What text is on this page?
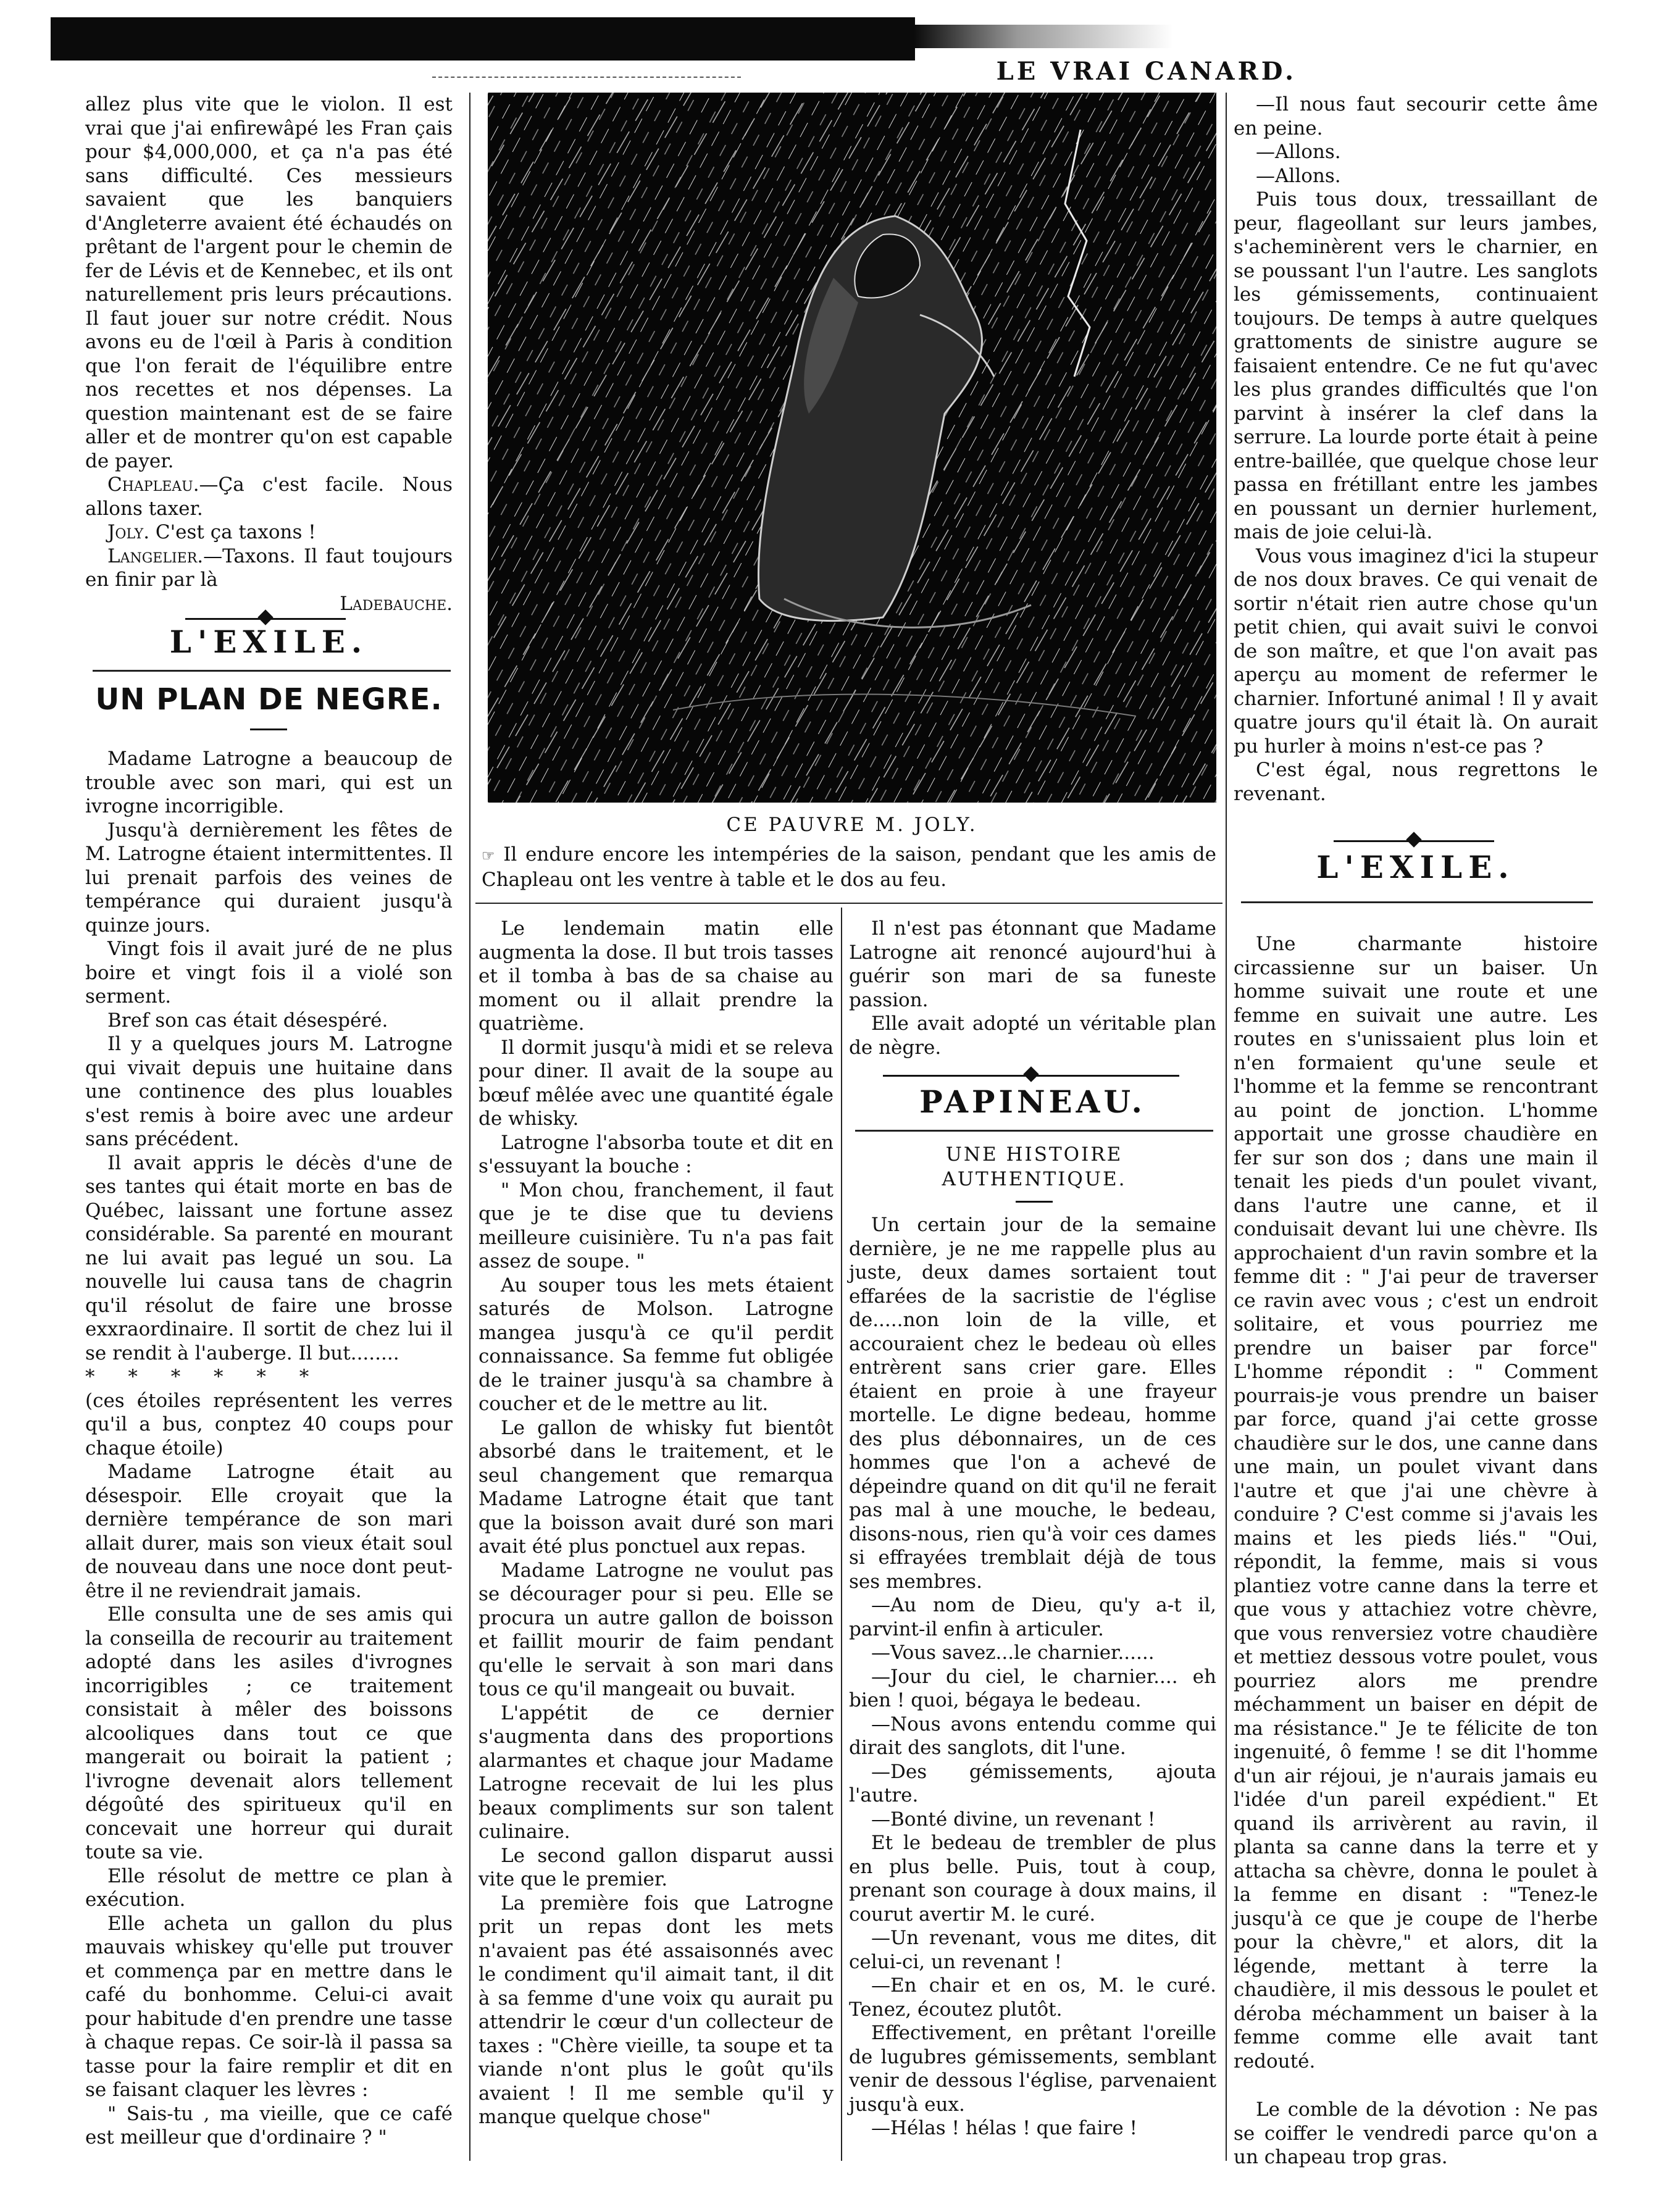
LE VRAI CANARD.

allez plus vite que le violon. Il est vrai que j'ai enfirewâpé les Fran çais pour $4,000,000, et ça n'a pas été sans difficulté. Ces messieurs savaient que les banquiers d'Angleterre avaient été échaudés on prêtant de l'argent pour le chemin de fer de Lévis et de Kennebec, et ils ont naturellement pris leurs précautions. Il faut jouer sur notre crédit. Nous avons eu de l'œil à Paris à condition que l'on ferait de l'équilibre entre nos recettes et nos dépenses. La question maintenant est de se faire aller et de montrer qu'on est capable de payer.

Chapleau.—Ça c'est facile. Nous allons taxer.

Joly. C'est ça taxons !

Langelier.—Taxons. Il faut toujours en finir par là

Ladebauche.

L'EXILE.
UN PLAN DE NEGRE.

Madame Latrogne a beaucoup de trouble avec son mari, qui est un ivrogne incorrigible.

Jusqu'à dernièrement les fêtes de M. Latrogne étaient intermittentes. Il lui prenait parfois des veines de tempérance qui duraient jusqu'à quinze jours.

Vingt fois il avait juré de ne plus boire et vingt fois il a violé son serment.

Bref son cas était désespéré.

Il y a quelques jours M. Latrogne qui vivait depuis une huitaine dans une continence des plus louables s'est remis à boire avec une ardeur sans précédent.

Il avait appris le décès d'une de ses tantes qui était morte en bas de Québec, laissant une fortune assez considérable. Sa parenté en mourant ne lui avait pas legué un sou. La nouvelle lui causa tans de chagrin qu'il résolut de faire une brosse exxraordinaire. Il sortit de chez lui il se rendit à l'auberge. Il but........

* * * * * *

(ces étoiles représentent les verres qu'il a bus, conptez 40 coups pour chaque étoile)

Madame Latrogne était au désespoir. Elle croyait que la dernière tempérance de son mari allait durer, mais son vieux était soul de nouveau dans une noce dont peut-être il ne reviendrait jamais.

Elle consulta une de ses amis qui la conseilla de recourir au traitement adopté dans les asiles d'ivrognes incorrigibles ; ce traitement consistait à mêler des boissons alcooliques dans tout ce que mangerait ou boirait la patient ; l'ivrogne devenait alors tellement dégoûté des spiritueux qu'il en concevait une horreur qui durait toute sa vie.

Elle résolut de mettre ce plan à exécution.

Elle acheta un gallon du plus mauvais whiskey qu'elle put trouver et commença par en mettre dans le café du bonhomme. Celui-ci avait pour habitude d'en prendre une tasse à chaque repas. Ce soir-là il passa sa tasse pour la faire remplir et dit en se faisant claquer les lèvres :

" Sais-tu , ma vieille, que ce café est meilleur que d'ordinaire ? "

CE PAUVRE M. JOLY.

☞ Il endure encore les intempéries de la saison, pendant que les amis de Chapleau ont les ventre à table et le dos au feu.

Le lendemain matin elle augmenta la dose. Il but trois tasses et il tomba à bas de sa chaise au moment ou il allait prendre la quatrième.

Il dormit jusqu'à midi et se releva pour diner. Il avait de la soupe au bœuf mêlée avec une quantité égale de whisky.

Latrogne l'absorba toute et dit en s'essuyant la bouche :

" Mon chou, franchement, il faut que je te dise que tu deviens meilleure cuisinière. Tu n'a pas fait assez de soupe. "

Au souper tous les mets étaient saturés de Molson. Latrogne mangea jusqu'à ce qu'il perdit connaissance. Sa femme fut obligée de le trainer jusqu'à sa chambre à coucher et de le mettre au lit.

Le gallon de whisky fut bientôt absorbé dans le traitement, et le seul changement que remarqua Madame Latrogne était que tant que la boisson avait duré son mari avait été plus ponctuel aux repas.

Madame Latrogne ne voulut pas se décourager pour si peu. Elle se procura un autre gallon de boisson et faillit mourir de faim pendant qu'elle le servait à son mari dans tous ce qu'il mangeait ou buvait.

L'appétit de ce dernier s'augmenta dans des proportions alarmantes et chaque jour Madame Latrogne recevait de lui les plus beaux compliments sur son talent culinaire.

Le second gallon disparut aussi vite que le premier.

La première fois que Latrogne prit un repas dont les mets n'avaient pas été assaisonnés avec le condiment qu'il aimait tant, il dit à sa femme d'une voix qu aurait pu attendrir le cœur d'un collecteur de taxes : "Chère vieille, ta soupe et ta viande n'ont plus le goût qu'ils avaient ! Il me semble qu'il y manque quelque chose"

Il n'est pas étonnant que Madame Latrogne ait renoncé aujourd'hui à guérir son mari de sa funeste passion.

Elle avait adopté un véritable plan de nègre.

PAPINEAU.
UNE HISTOIRE AUTHENTIQUE.

Un certain jour de la semaine dernière, je ne me rappelle plus au juste, deux dames sortaient tout effarées de la sacristie de l'église de.....non loin de la ville, et accouraient chez le bedeau où elles entrèrent sans crier gare. Elles étaient en proie à une frayeur mortelle. Le digne bedeau, homme des plus débonnaires, un de ces hommes que l'on a achevé de dépeindre quand on dit qu'il ne ferait pas mal à une mouche, le bedeau, disons-nous, rien qu'à voir ces dames si effrayées tremblait déjà de tous ses membres.

—Au nom de Dieu, qu'y a-t il, parvint-il enfin à articuler.

—Vous savez...le charnier......

—Jour du ciel, le charnier.... eh bien ! quoi, bégaya le bedeau.

—Nous avons entendu comme qui dirait des sanglots, dit l'une.

—Des gémissements, ajouta l'autre.

—Bonté divine, un revenant !

Et le bedeau de trembler de plus en plus belle. Puis, tout à coup, prenant son courage à doux mains, il courut avertir M. le curé.

—Un revenant, vous me dites, dit celui-ci, un revenant !

—En chair et en os, M. le curé. Tenez, écoutez plutôt.

Effectivement, en prêtant l'oreille de lugubres gémissements, semblant venir de dessous l'église, parvenaient jusqu'à eux.

—Hélas ! hélas ! que faire !

—Il nous faut secourir cette âme en peine.

—Allons.

—Allons.

Puis tous doux, tressaillant de peur, flageollant sur leurs jambes, s'acheminèrent vers le charnier, en se poussant l'un l'autre. Les sanglots les gémissements, continuaient toujours. De temps à autre quelques grattoments de sinistre augure se faisaient entendre. Ce ne fut qu'avec les plus grandes difficultés que l'on parvint à insérer la clef dans la serrure. La lourde porte était à peine entre-baillée, que quelque chose leur passa en frétillant entre les jambes en poussant un dernier hurlement, mais de joie celui-là.

Vous vous imaginez d'ici la stupeur de nos doux braves. Ce qui venait de sortir n'était rien autre chose qu'un petit chien, qui avait suivi le convoi de son maître, et que l'on avait pas aperçu au moment de refermer le charnier. Infortuné animal ! Il y avait quatre jours qu'il était là. On aurait pu hurler à moins n'est-ce pas ?

C'est égal, nous regrettons le revenant.

L'EXILE.

Une charmante histoire circassienne sur un baiser. Un homme suivait une route et une femme en suivait une autre. Les routes en s'unissaient plus loin et n'en formaient qu'une seule et l'homme et la femme se rencontrant au point de jonction. L'homme apportait une grosse chaudière en fer sur son dos ; dans une main il tenait les pieds d'un poulet vivant, dans l'autre une canne, et il conduisait devant lui une chèvre. Ils approchaient d'un ravin sombre et la femme dit : " J'ai peur de traverser ce ravin avec vous ; c'est un endroit solitaire, et vous pourriez me prendre un baiser par force" L'homme répondit : " Comment pourrais-je vous prendre un baiser par force, quand j'ai cette grosse chaudière sur le dos, une canne dans une main, un poulet vivant dans l'autre et que j'ai une chèvre à conduire ? C'est comme si j'avais les mains et les pieds liés." "Oui, répondit, la femme, mais si vous plantiez votre canne dans la terre et que vous y attachiez votre chèvre, que vous renversiez votre chaudière et mettiez dessous votre poulet, vous pourriez alors me prendre méchamment un baiser en dépit de ma résistance." Je te félicite de ton ingenuité, ô femme ! se dit l'homme d'un air réjoui, je n'aurais jamais eu l'idée d'un pareil expédient." Et quand ils arrivèrent au ravin, il planta sa canne dans la terre et y attacha sa chèvre, donna le poulet à la femme en disant : "Tenez-le jusqu'à ce que je coupe de l'herbe pour la chèvre," et alors, dit la légende, mettant à terre la chaudière, il mis dessous le poulet et déroba méchamment un baiser à la femme comme elle avait tant redouté.

Le comble de la dévotion : Ne pas se coiffer le vendredi parce qu'on a un chapeau trop gras.
